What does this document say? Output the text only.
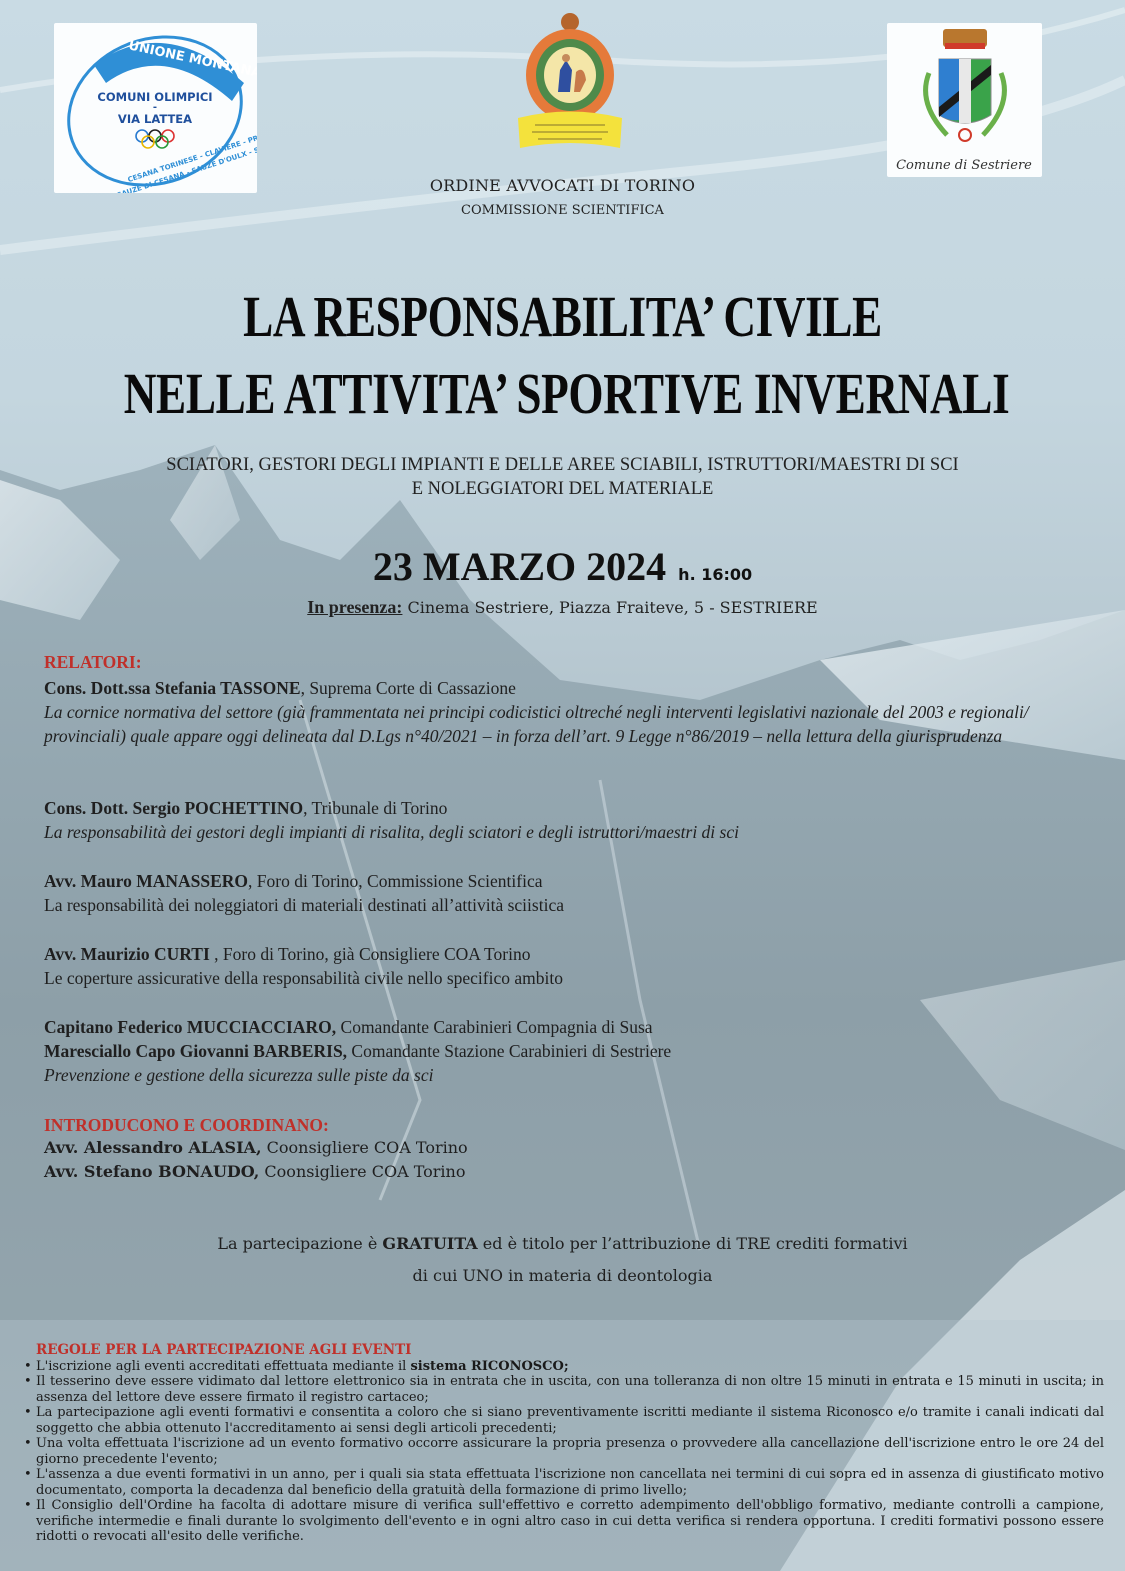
UNIONE MONTANA
COMUNI OLIMPICI
-
VIA LATTEA
CESANA TORINESE - CLAVIERE - PRAGELATO
SAUZE DI CESANA - SAUZE D'OULX - SESTRIERE
Comune di Sestriere
ORDINE AVVOCATI DI TORINO
COMMISSIONE SCIENTIFICA
LA RESPONSABILITA’ CIVILE
NELLE ATTIVITA’ SPORTIVE INVERNALI
SCIATORI, GESTORI DEGLI IMPIANTI E DELLE AREE SCIABILI, ISTRUTTORI/MAESTRI DI SCI
E NOLEGGIATORI DEL MATERIALE
23 MARZO 2024 h. 16:00
In presenza: Cinema Sestriere, Piazza Fraiteve, 5 - SESTRIERE
RELATORI:
Cons. Dott.ssa Stefania TASSONE, Suprema Corte di Cassazione
La cornice normativa del settore (già frammentata nei principi codicistici oltreché negli interventi legislativi nazionale del 2003 e regionali/ provinciali) quale appare oggi delineata dal D.Lgs n°40/2021 – in forza dell’art. 9 Legge n°86/2019 – nella lettura della giurisprudenza
Cons. Dott. Sergio POCHETTINO, Tribunale di Torino
La responsabilità dei gestori degli impianti di risalita, degli sciatori e degli istruttori/maestri di sci
Avv. Mauro MANASSERO, Foro di Torino, Commissione Scientifica
La responsabilità dei noleggiatori di materiali destinati all’attività sciistica
Avv. Maurizio CURTI , Foro di Torino, già Consigliere COA Torino
Le coperture assicurative della responsabilità civile nello specifico ambito
Capitano Federico MUCCIACCIARO, Comandante Carabinieri Compagnia di Susa
Maresciallo Capo Giovanni BARBERIS, Comandante Stazione Carabinieri di Sestriere
Prevenzione e gestione della sicurezza sulle piste da sci
INTRODUCONO E COORDINANO:
Avv. Alessandro ALASIA, Coonsigliere COA Torino
Avv. Stefano BONAUDO, Coonsigliere COA Torino
La partecipazione è GRATUITA ed è titolo per l’attribuzione di TRE crediti formativi
di cui UNO in materia di deontologia
REGOLE PER LA PARTECIPAZIONE AGLI EVENTI
• L'iscrizione agli eventi accreditati effettuata mediante il sistema RICONOSCO;
• Il tesserino deve essere vidimato dal lettore elettronico sia in entrata che in uscita, con una tolleranza di non oltre 15 minuti in entrata e 15 minuti in uscita; in assenza del lettore deve essere firmato il registro cartaceo;
• La partecipazione agli eventi formativi e consentita a coloro che si siano preventivamente iscritti mediante il sistema Riconosco e/o tramite i canali indicati dal soggetto che abbia ottenuto l'accreditamento ai sensi degli articoli precedenti;
• Una volta effettuata l'iscrizione ad un evento formativo occorre assicurare la propria presenza o provvedere alla cancellazione dell'iscrizione entro le ore 24 del giorno precedente l'evento;
• L'assenza a due eventi formativi in un anno, per i quali sia stata effettuata l'iscrizione non cancellata nei termini di cui sopra ed in assenza di giustificato motivo documentato, comporta la decadenza dal beneficio della gratuità della formazione di primo livello;
• Il Consiglio dell'Ordine ha facolta di adottare misure di verifica sull'effettivo e corretto adempimento dell'obbligo formativo, mediante controlli a campione, verifiche intermedie e finali durante lo svolgimento dell'evento e in ogni altro caso in cui detta verifica si rendera opportuna. I crediti formativi possono essere ridotti o revocati all'esito delle verifiche.
